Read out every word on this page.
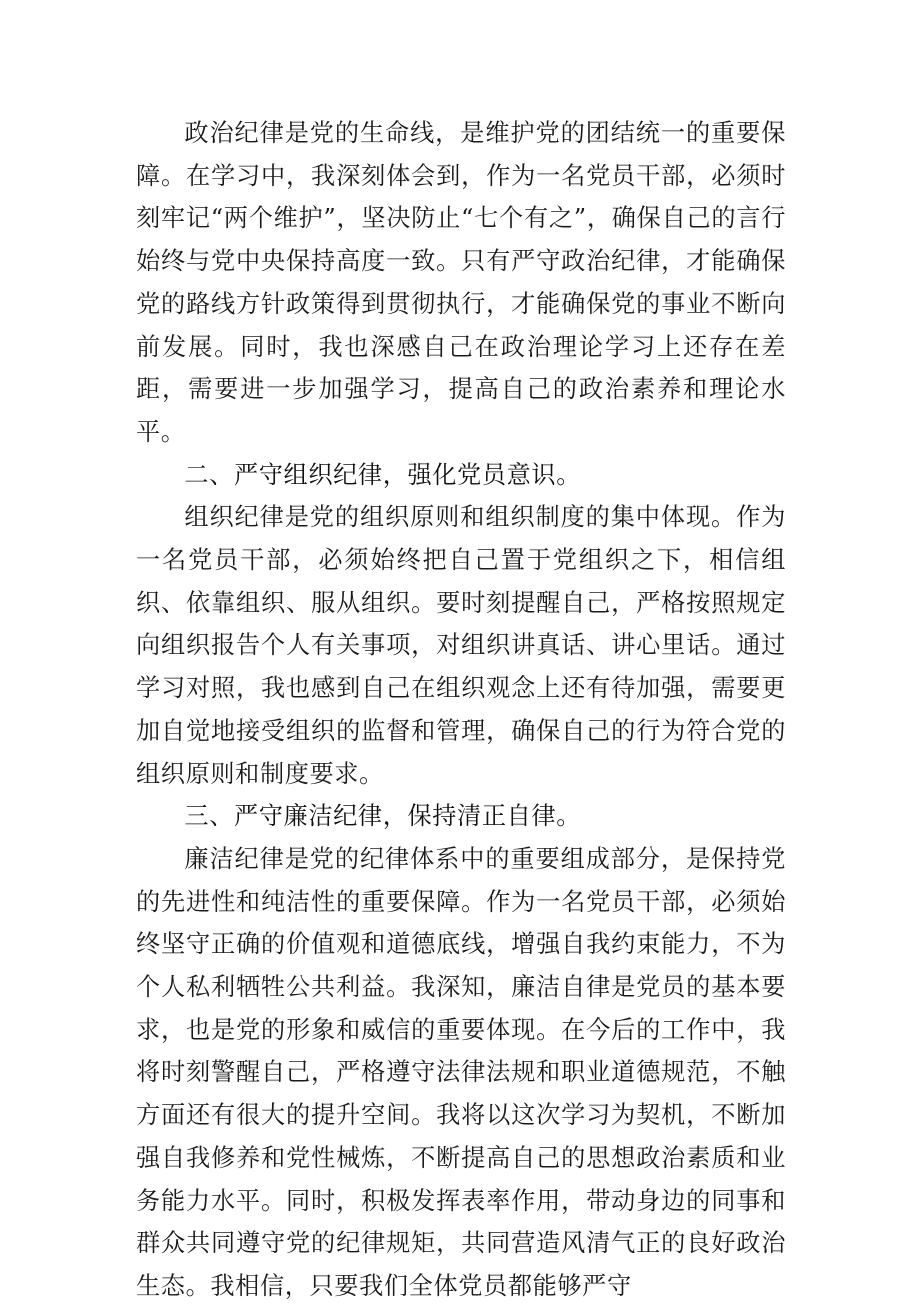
政治纪律是党的生命线，是维护党的团结统一的重要保障。在学习中，我深刻体会到，作为一名党员干部，必须时刻牢记“两个维护”，坚决防止“七个有之”，确保自己的言行始终与党中央保持高度一致。只有严守政治纪律，才能确保党的路线方针政策得到贯彻执行，才能确保党的事业不断向前发展。同时，我也深感自己在政治理论学习上还存在差距，需要进一步加强学习，提高自己的政治素养和理论水平。

二、严守组织纪律，强化党员意识。

组织纪律是党的组织原则和组织制度的集中体现。作为一名党员干部，必须始终把自己置于党组织之下，相信组织、依靠组织、服从组织。要时刻提醒自己，严格按照规定向组织报告个人有关事项，对组织讲真话、讲心里话。通过学习对照，我也感到自己在组织观念上还有待加强，需要更加自觉地接受组织的监督和管理，确保自己的行为符合党的组织原则和制度要求。

三、严守廉洁纪律，保持清正自律。

廉洁纪律是党的纪律体系中的重要组成部分，是保持党的先进性和纯洁性的重要保障。作为一名党员干部，必须始终坚守正确的价值观和道德底线，增强自我约束能力，不为个人私利牺牲公共利益。我深知，廉洁自律是党员的基本要求，也是党的形象和威信的重要体现。在今后的工作中，我将时刻警醒自己，严格遵守法律法规和职业道德规范，不触方面还有很大的提升空间。我将以这次学习为契机，不断加强自我修养和党性械炼，不断提高自己的思想政治素质和业务能力水平。同时，积极发挥表率作用，带动身边的同事和群众共同遵守党的纪律规矩，共同营造风清气正的良好政治生态。我相信，只要我们全体党员都能够严守
